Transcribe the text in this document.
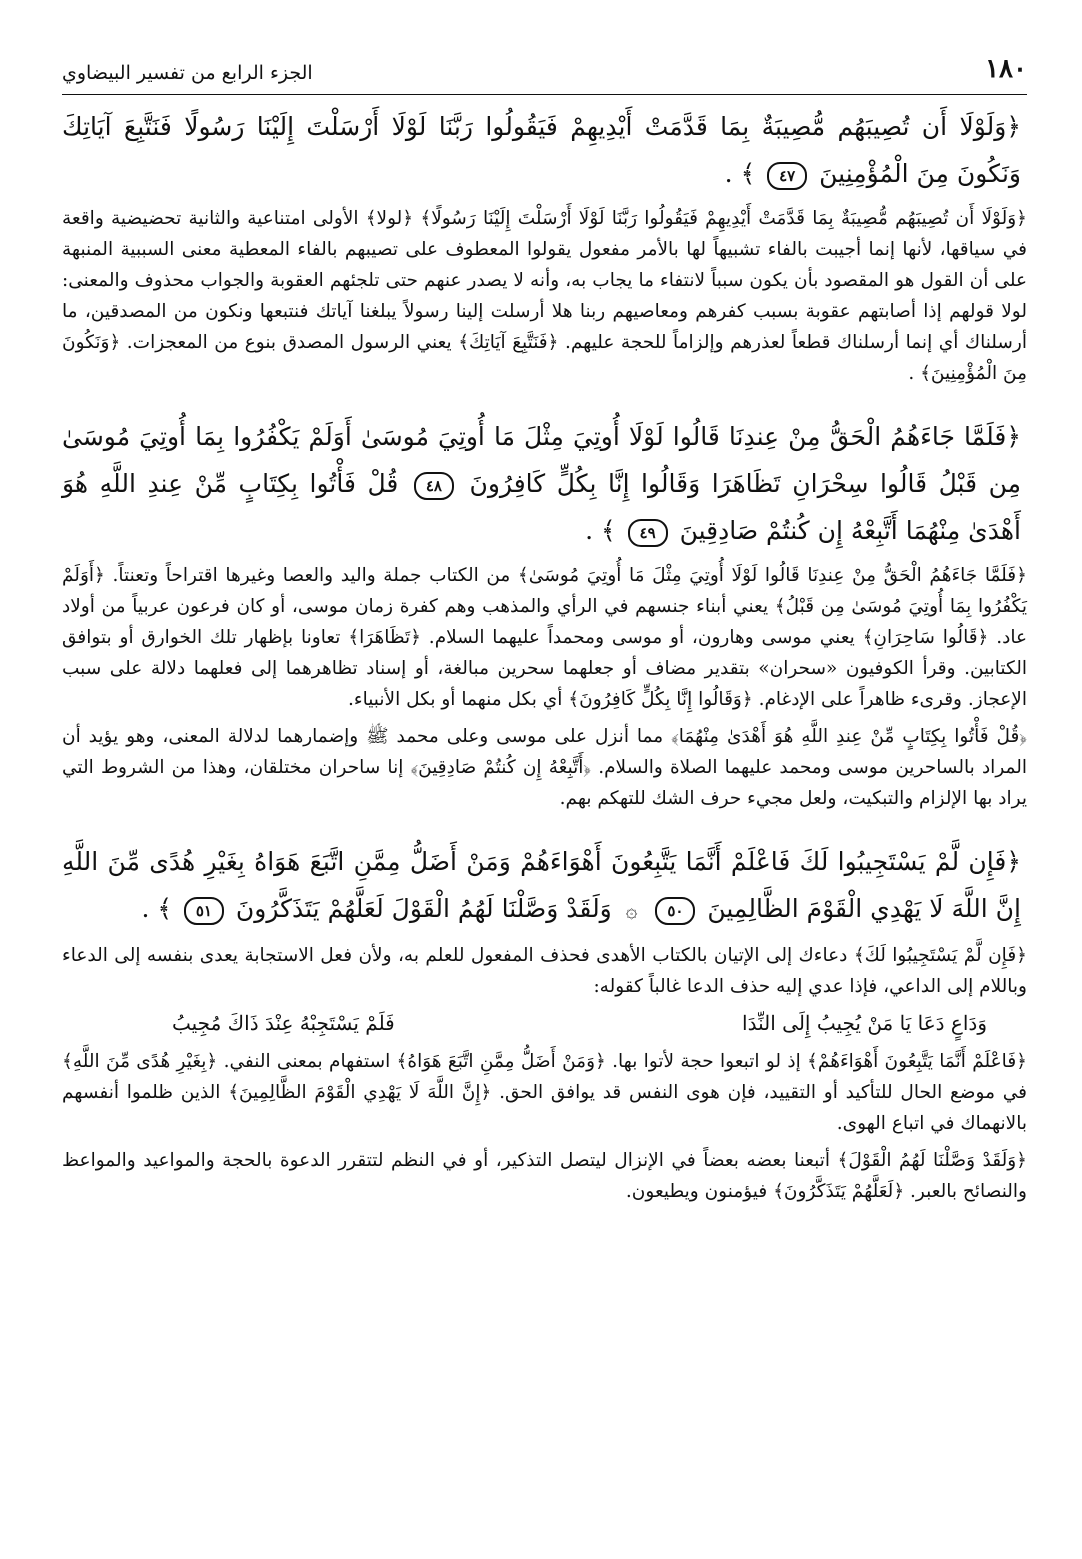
١٨٠
الجزء الرابع من تفسير البيضاوي
﴿وَلَوْلَا أَن تُصِيبَهُم مُّصِيبَةٌ بِمَا قَدَّمَتْ أَيْدِيهِمْ فَيَقُولُوا رَبَّنَا لَوْلَا أَرْسَلْتَ إِلَيْنَا رَسُولًا فَنَتَّبِعَ آيَاتِكَ وَنَكُونَ مِنَ الْمُؤْمِنِينَ ٤٧ ﴾ .

﴿وَلَوْلَا أَن تُصِيبَهُم مُّصِيبَةٌ بِمَا قَدَّمَتْ أَيْدِيهِمْ فَيَقُولُوا رَبَّنَا لَوْلَا أَرْسَلْتَ إِلَيْنَا رَسُولًا﴾ ﴿لولا﴾ الأولى امتناعية والثانية تحضيضية واقعة في سياقها، لأنها إنما أجيبت بالفاء تشبيهاً لها بالأمر مفعول يقولوا المعطوف على تصيبهم بالفاء المعطية معنى السببية المنبهة على أن القول هو المقصود بأن يكون سبباً لانتفاء ما يجاب به، وأنه لا يصدر عنهم حتى تلجئهم العقوبة والجواب محذوف والمعنى: لولا قولهم إذا أصابتهم عقوبة بسبب كفرهم ومعاصيهم ربنا هلا أرسلت إلينا رسولاً يبلغنا آياتك فنتبعها ونكون من المصدقين، ما أرسلناك أي إنما أرسلناك قطعاً لعذرهم وإلزاماً للحجة عليهم. ﴿فَنَتَّبِعَ آيَاتِكَ﴾ يعني الرسول المصدق بنوع من المعجزات. ﴿وَنَكُونَ مِنَ الْمُؤْمِنِينَ﴾ .

﴿فَلَمَّا جَاءَهُمُ الْحَقُّ مِنْ عِندِنَا قَالُوا لَوْلَا أُوتِيَ مِثْلَ مَا أُوتِيَ مُوسَىٰ أَوَلَمْ يَكْفُرُوا بِمَا أُوتِيَ مُوسَىٰ مِن قَبْلُ قَالُوا سِحْرَانِ تَظَاهَرَا وَقَالُوا إِنَّا بِكُلٍّ كَافِرُونَ ٤٨ قُلْ فَأْتُوا بِكِتَابٍ مِّنْ عِندِ اللَّهِ هُوَ أَهْدَىٰ مِنْهُمَا أَتَّبِعْهُ إِن كُنتُمْ صَادِقِينَ ٤٩ ﴾ .

﴿فَلَمَّا جَاءَهُمُ الْحَقُّ مِنْ عِندِنَا قَالُوا لَوْلَا أُوتِيَ مِثْلَ مَا أُوتِيَ مُوسَىٰ﴾ من الكتاب جملة واليد والعصا وغيرها اقتراحاً وتعنتاً. ﴿أَوَلَمْ يَكْفُرُوا بِمَا أُوتِيَ مُوسَىٰ مِن قَبْلُ﴾ يعني أبناء جنسهم في الرأي والمذهب وهم كفرة زمان موسى، أو كان فرعون عربياً من أولاد عاد. ﴿قَالُوا سَاحِرَانِ﴾ يعني موسى وهارون، أو موسى ومحمداً عليهما السلام. ﴿تَظَاهَرَا﴾ تعاونا بإظهار تلك الخوارق أو بتوافق الكتابين. وقرأ الكوفيون «سحران» بتقدير مضاف أو جعلهما سحرين مبالغة، أو إسناد تظاهرهما إلى فعلهما دلالة على سبب الإعجاز. وقرىء ظاهراً على الإدغام. ﴿وَقَالُوا إِنَّا بِكُلٍّ كَافِرُونَ﴾ أي بكل منهما أو بكل الأنبياء.

﴿قُلْ فَأْتُوا بِكِتَابٍ مِّنْ عِندِ اللَّهِ هُوَ أَهْدَىٰ مِنْهُمَا﴾ مما أنزل على موسى وعلى محمد ﷺ وإضمارهما لدلالة المعنى، وهو يؤيد أن المراد بالساحرين موسى ومحمد عليهما الصلاة والسلام. ﴿أَتَّبِعْهُ إِن كُنتُمْ صَادِقِينَ﴾ إنا ساحران مختلقان، وهذا من الشروط التي يراد بها الإلزام والتبكيت، ولعل مجيء حرف الشك للتهكم بهم.

﴿فَإِن لَّمْ يَسْتَجِيبُوا لَكَ فَاعْلَمْ أَنَّمَا يَتَّبِعُونَ أَهْوَاءَهُمْ وَمَنْ أَضَلُّ مِمَّنِ اتَّبَعَ هَوَاهُ بِغَيْرِ هُدًى مِّنَ اللَّهِ إِنَّ اللَّهَ لَا يَهْدِي الْقَوْمَ الظَّالِمِينَ ٥٠ ۞ وَلَقَدْ وَصَّلْنَا لَهُمُ الْقَوْلَ لَعَلَّهُمْ يَتَذَكَّرُونَ ٥١ ﴾ .

﴿فَإِن لَّمْ يَسْتَجِيبُوا لَكَ﴾ دعاءك إلى الإتيان بالكتاب الأهدى فحذف المفعول للعلم به، ولأن فعل الاستجابة يعدى بنفسه إلى الدعاء وباللام إلى الداعي، فإذا عدي إليه حذف الدعا غالباً كقوله:

وَدَاعٍ دَعَا يَا مَنْ يُجِيبُ إِلَى النِّدَا
فَلَمْ يَسْتَجِبْهُ عِنْدَ ذَاكَ مُجِيبُ

﴿فَاعْلَمْ أَنَّمَا يَتَّبِعُونَ أَهْوَاءَهُمْ﴾ إذ لو اتبعوا حجة لأتوا بها. ﴿وَمَنْ أَضَلُّ مِمَّنِ اتَّبَعَ هَوَاهُ﴾ استفهام بمعنى النفي. ﴿بِغَيْرِ هُدًى مِّنَ اللَّهِ﴾ في موضع الحال للتأكيد أو التقييد، فإن هوى النفس قد يوافق الحق. ﴿إِنَّ اللَّهَ لَا يَهْدِي الْقَوْمَ الظَّالِمِينَ﴾ الذين ظلموا أنفسهم بالانهماك في اتباع الهوى.

﴿وَلَقَدْ وَصَّلْنَا لَهُمُ الْقَوْلَ﴾ أتبعنا بعضه بعضاً في الإنزال ليتصل التذكير، أو في النظم لتتقرر الدعوة بالحجة والمواعيد والمواعظ والنصائح بالعبر. ﴿لَعَلَّهُمْ يَتَذَكَّرُونَ﴾ فيؤمنون ويطيعون.
